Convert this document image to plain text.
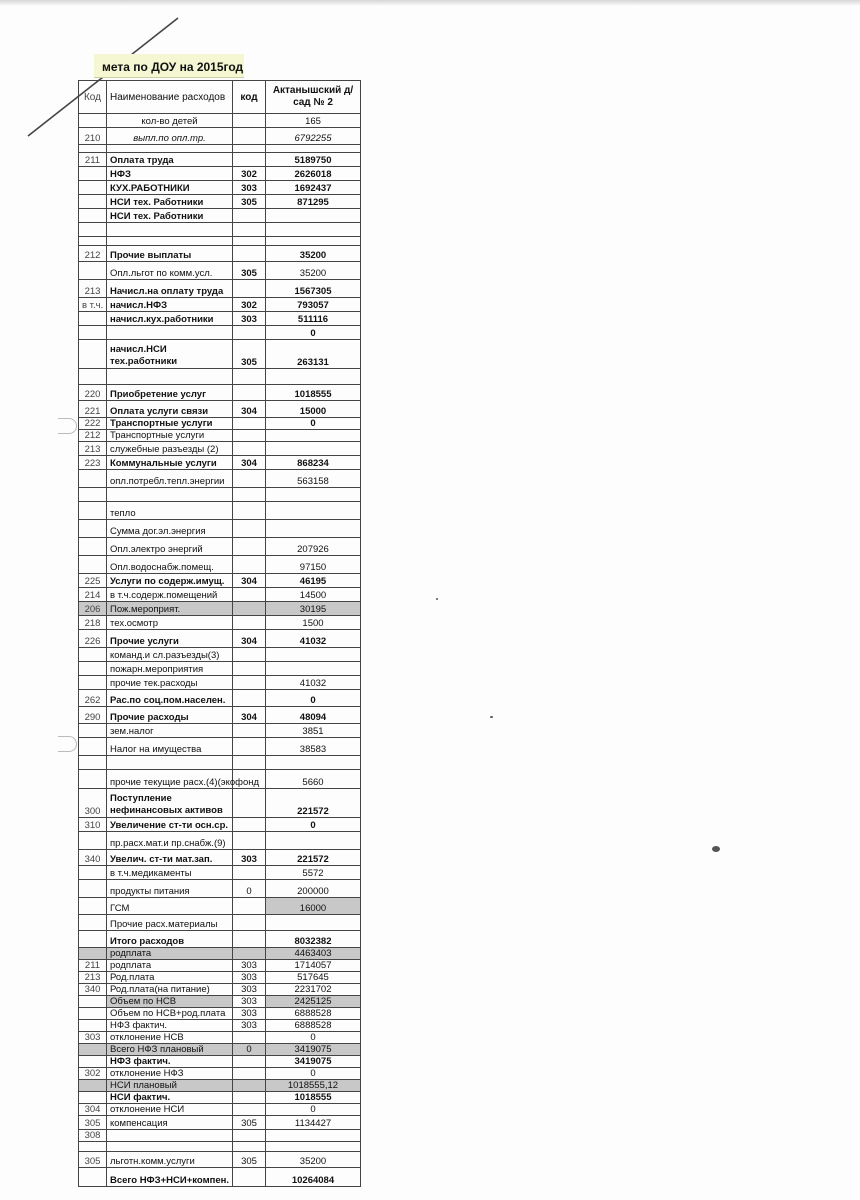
мета по ДОУ на 2015год
Код	Наименование расходов	код	Актанышский д/сад № 2
	кол-во детей		165
210	выпл.по опл.тр.		6792255

211	Оплата труда		5189750
	НФЗ	302	2626018
	КУХ.РАБОТНИКИ	303	1692437
	НСИ тех. Работники	305	871295
	НСИ тех. Работники		

212	Прочие выплаты		35200
	Опл.льгот по комм.усл.	305	35200
213	Начисл.на оплату труда		1567305
в т.ч.	начисл.НФЗ	302	793057
	начисл.кух.работники	303	511116
			0
	начисл.НСИ тех.работники	305	263131

220	Приобретение услуг		1018555
221	Оплата услуги связи	304	15000
222	Транспортные услуги		0
212	Транспортные услуги		
213	служебные разъезды (2)		
223	Коммунальные услуги	304	868234
	опл.потребл.тепл.энергии		563158

	тепло		
	Сумма дог.эл.энергия		
	Опл.электро энергий		207926
	Опл.водоснабж.помещ.		97150
225	Услуги по содерж.имущ.	304	46195
214	в т.ч.содерж.помещений		14500
206	Пож.мероприят.		30195
218	тех.осмотр		1500
226	Прочие услуги	304	41032
	команд.и сл.разъезды(3)		
	пожарн.мероприятия		
	прочие тек.расходы		41032
262	Рас.по соц.пом.населен.		0
290	Прочие расходы	304	48094
	зем.налог		3851
	Налог на имущества		38583

	прочие текущие расх.(4)(экофонд		5660
300	Поступление нефинансовых активов		221572
310	Увеличение ст-ти осн.ср.		0
	пр.расх.мат.и пр.снабж.(9)		
340	Увелич. ст-ти мат.зап.	303	221572
	в т.ч.медикаменты		5572
	продукты питания	0	200000
	ГСМ		16000
	Прочие расх.материалы		
	Итого расходов		8032382
	родплата		4463403
211	родплата	303	1714057
213	Род.плата	303	517645
340	Род.плата(на питание)	303	2231702
	Объем по НСВ	303	2425125
	Объем по НСВ+род.плата	303	6888528
	НФЗ фактич.	303	6888528
303	отклонение НСВ		0
	Всего НФЗ плановый	0	3419075
	НФЗ фактич.		3419075
302	отклонение НФЗ		0
	НСИ плановый		1018555,12
	НСИ фактич.		1018555
304	отклонение НСИ		0
305	компенсация	305	1134427
308			

305	льготн.комм.услуги	305	35200
	Всего НФЗ+НСИ+компен.		10264084
